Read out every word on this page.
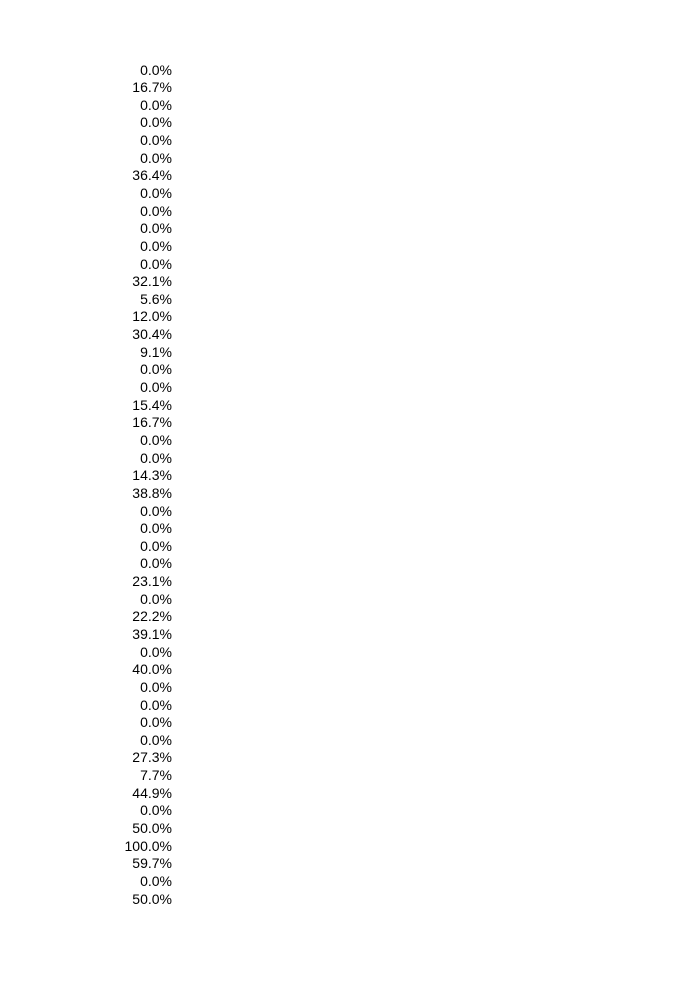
0.0%
16.7%
0.0%
0.0%
0.0%
0.0%
36.4%
0.0%
0.0%
0.0%
0.0%
0.0%
32.1%
5.6%
12.0%
30.4%
9.1%
0.0%
0.0%
15.4%
16.7%
0.0%
0.0%
14.3%
38.8%
0.0%
0.0%
0.0%
0.0%
23.1%
0.0%
22.2%
39.1%
0.0%
40.0%
0.0%
0.0%
0.0%
0.0%
27.3%
7.7%
44.9%
0.0%
50.0%
100.0%
59.7%
0.0%
50.0%
